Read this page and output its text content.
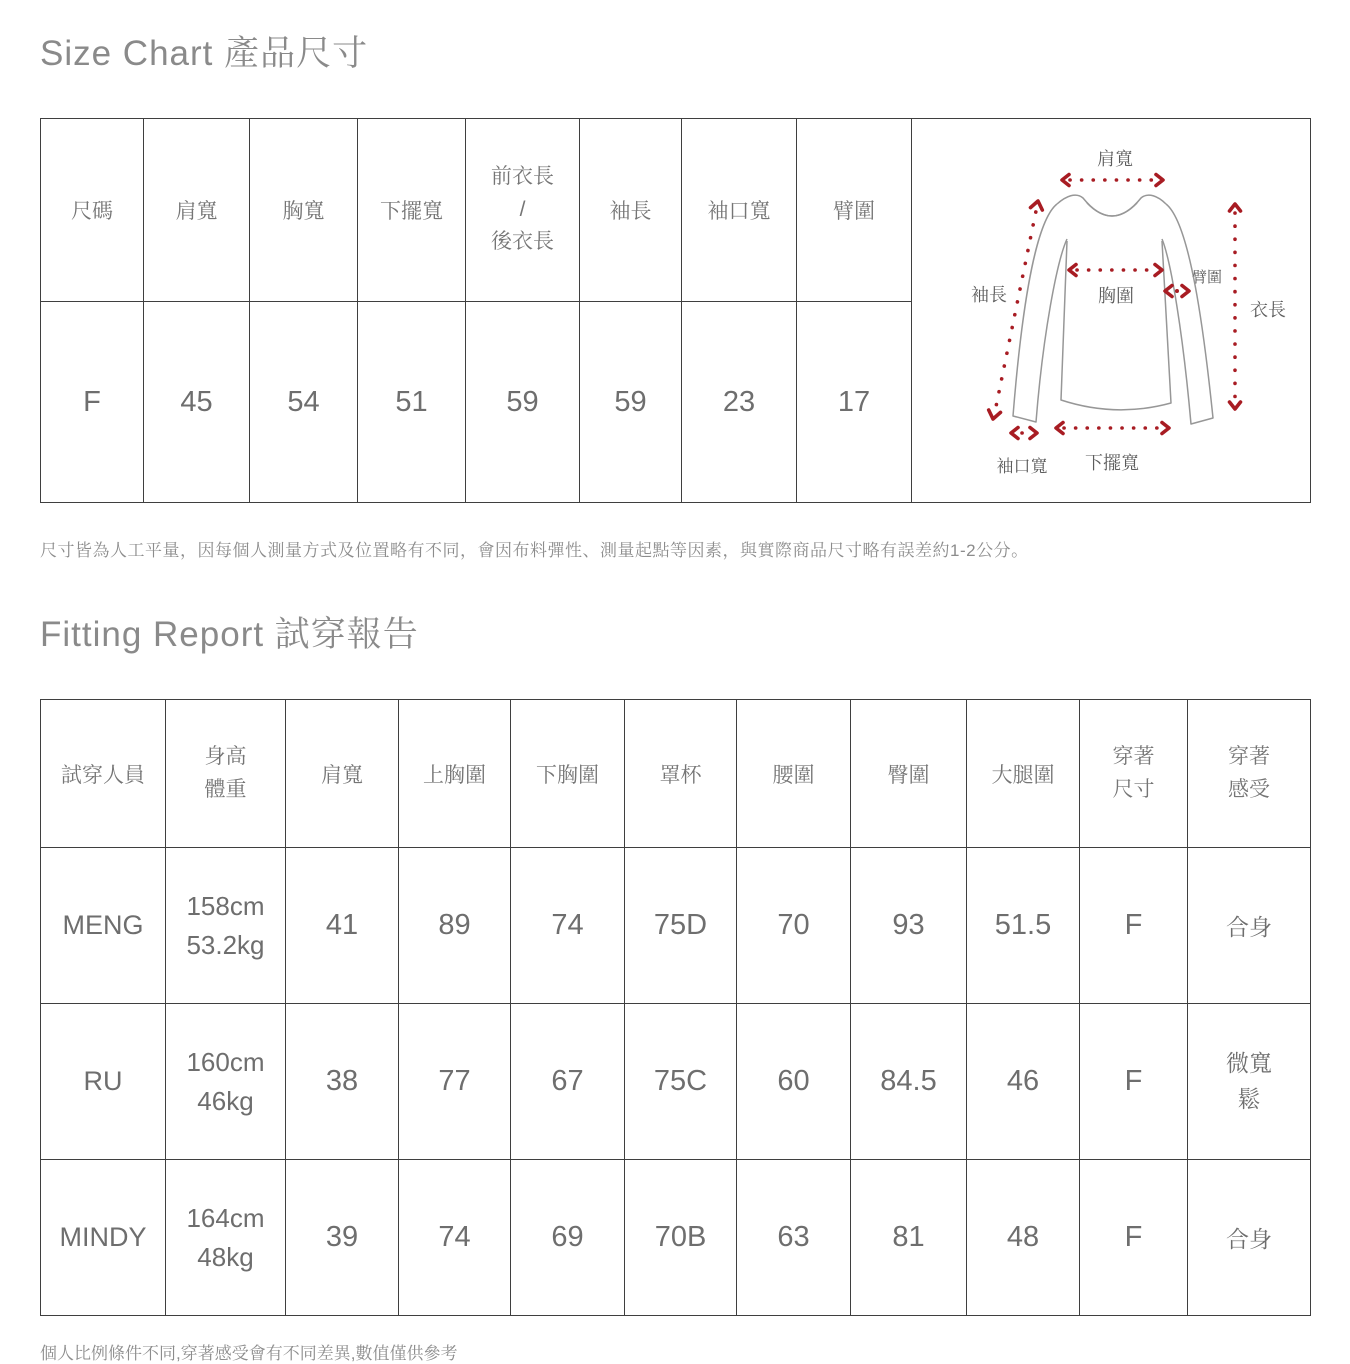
Size Chart 產品尺寸
尺碼	肩寬	胸寬	下擺寬	前衣長
/
後衣長	袖長	袖口寬	臂圍	
肩寬
袖長	胸圍
臂圍
衣長
袖口寬 下擺寬

F	45	54	51	59	59	23	17	

尺寸皆為人工平量，因每個人測量方式及位置略有不同，會因布料彈性、測量起點等因素，與實際商品尺寸略有誤差約1-2公分。

Fitting Report 試穿報告
試穿人員	身高
體重	肩寬	上胸圍	下胸圍	罩杯	腰圍	臀圍	大腿圍	穿著
尺寸	穿著
感受
MENG	158cm
53.2kg	41	89	74	75D	70	93	51.5	F	合身
RU	160cm
46kg	38	77	67	75C	60	84.5	46	F	微寬
鬆
MINDY	164cm
48kg	39	74	69	70B	63	81	48	F	合身

個人比例條件不同,穿著感受會有不同差異,數值僅供參考
